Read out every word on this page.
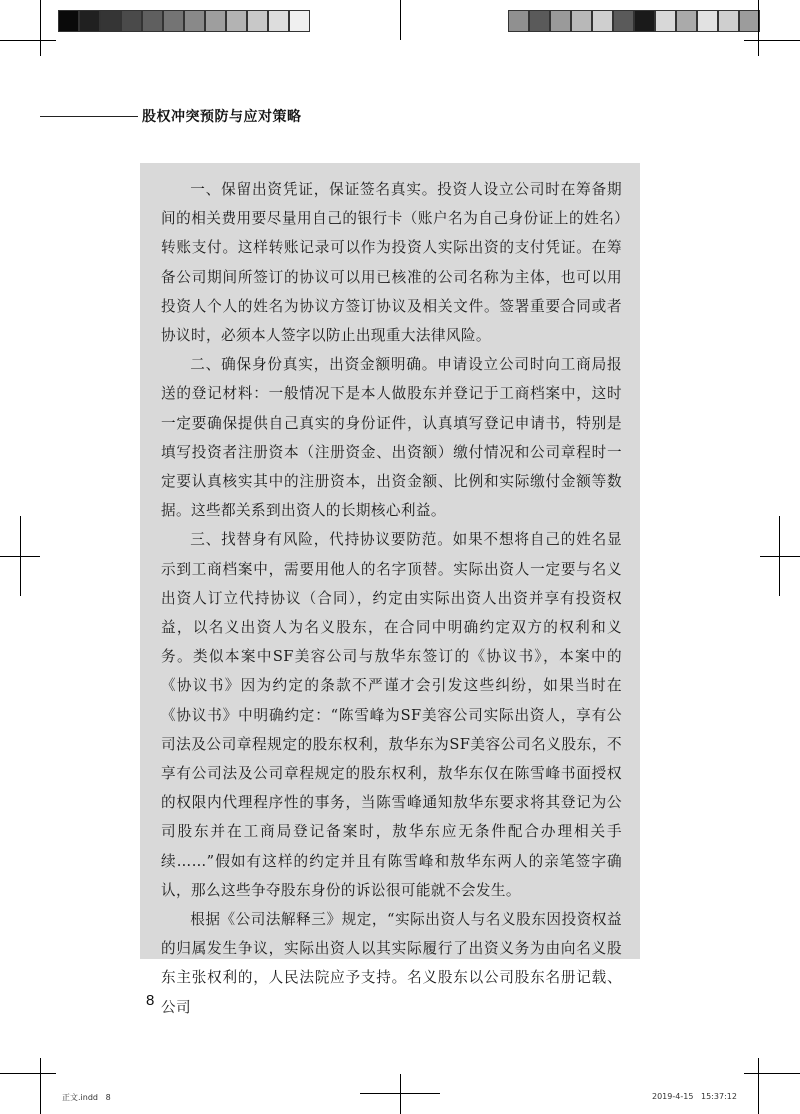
股权冲突预防与应对策略

一、保留出资凭证，保证签名真实。投资人设立公司时在筹备期间的相关费用要尽量用自己的银行卡（账户名为自己身份证上的姓名）转账支付。这样转账记录可以作为投资人实际出资的支付凭证。在筹备公司期间所签订的协议可以用已核准的公司名称为主体，也可以用投资人个人的姓名为协议方签订协议及相关文件。签署重要合同或者协议时，必须本人签字以防止出现重大法律风险。

二、确保身份真实，出资金额明确。申请设立公司时向工商局报送的登记材料：一般情况下是本人做股东并登记于工商档案中，这时一定要确保提供自己真实的身份证件，认真填写登记申请书，特别是填写投资者注册资本（注册资金、出资额）缴付情况和公司章程时一定要认真核实其中的注册资本，出资金额、比例和实际缴付金额等数据。这些都关系到出资人的长期核心利益。

三、找替身有风险，代持协议要防范。如果不想将自己的姓名显示到工商档案中，需要用他人的名字顶替。实际出资人一定要与名义出资人订立代持协议（合同），约定由实际出资人出资并享有投资权益，以名义出资人为名义股东，在合同中明确约定双方的权利和义务。类似本案中SF美容公司与敖华东签订的《协议书》，本案中的《协议书》因为约定的条款不严谨才会引发这些纠纷，如果当时在《协议书》中明确约定：“陈雪峰为SF美容公司实际出资人，享有公司法及公司章程规定的股东权利，敖华东为SF美容公司名义股东，不享有公司法及公司章程规定的股东权利，敖华东仅在陈雪峰书面授权的权限内代理程序性的事务，当陈雪峰通知敖华东要求将其登记为公司股东并在工商局登记备案时，敖华东应无条件配合办理相关手续……”假如有这样的约定并且有陈雪峰和敖华东两人的亲笔签字确认，那么这些争夺股东身份的诉讼很可能就不会发生。

根据《公司法解释三》规定，“实际出资人与名义股东因投资权益的归属发生争议，实际出资人以其实际履行了出资义务为由向名义股东主张权利的，人民法院应予支持。名义股东以公司股东名册记载、公司

8
正文.indd   8	2019-4-15   15:37:12
